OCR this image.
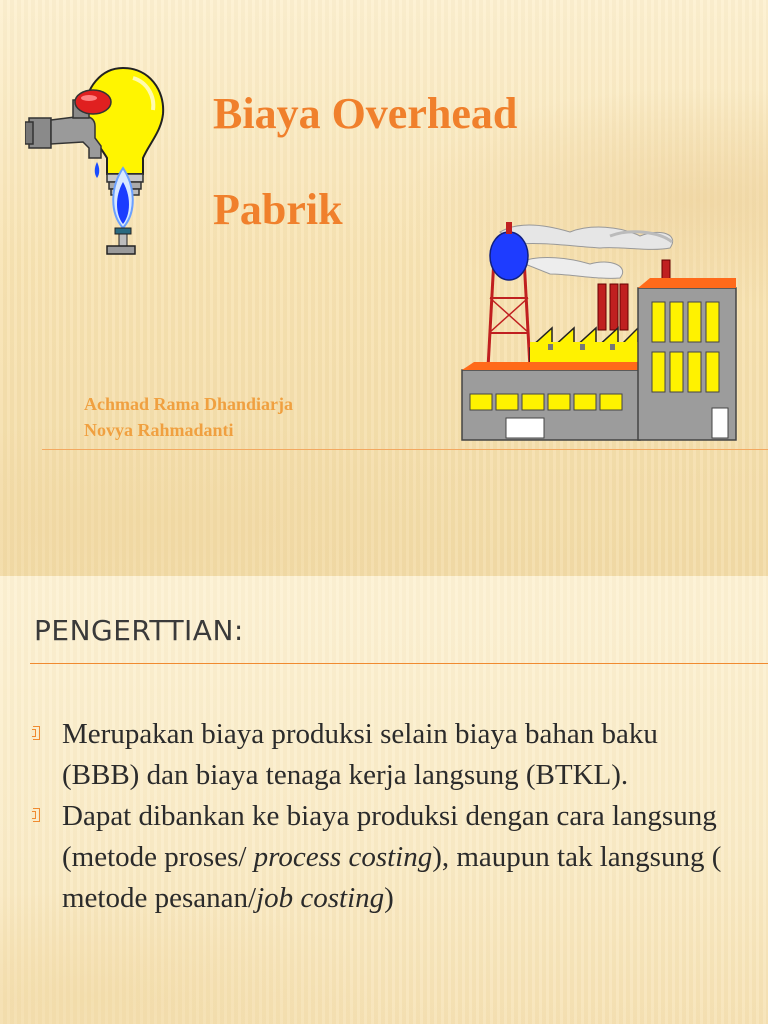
Biaya Overhead
Pabrik
Achmad Rama Dhandiarja
Novya Rahmadanti
PENGERTTIAN:
Merupakan biaya produksi selain biaya bahan baku (BBB) dan biaya tenaga kerja langsung (BTKL).
Dapat dibankan ke biaya produksi dengan cara langsung (metode proses/ process costing), maupun tak langsung ( metode pesanan/job costing)
